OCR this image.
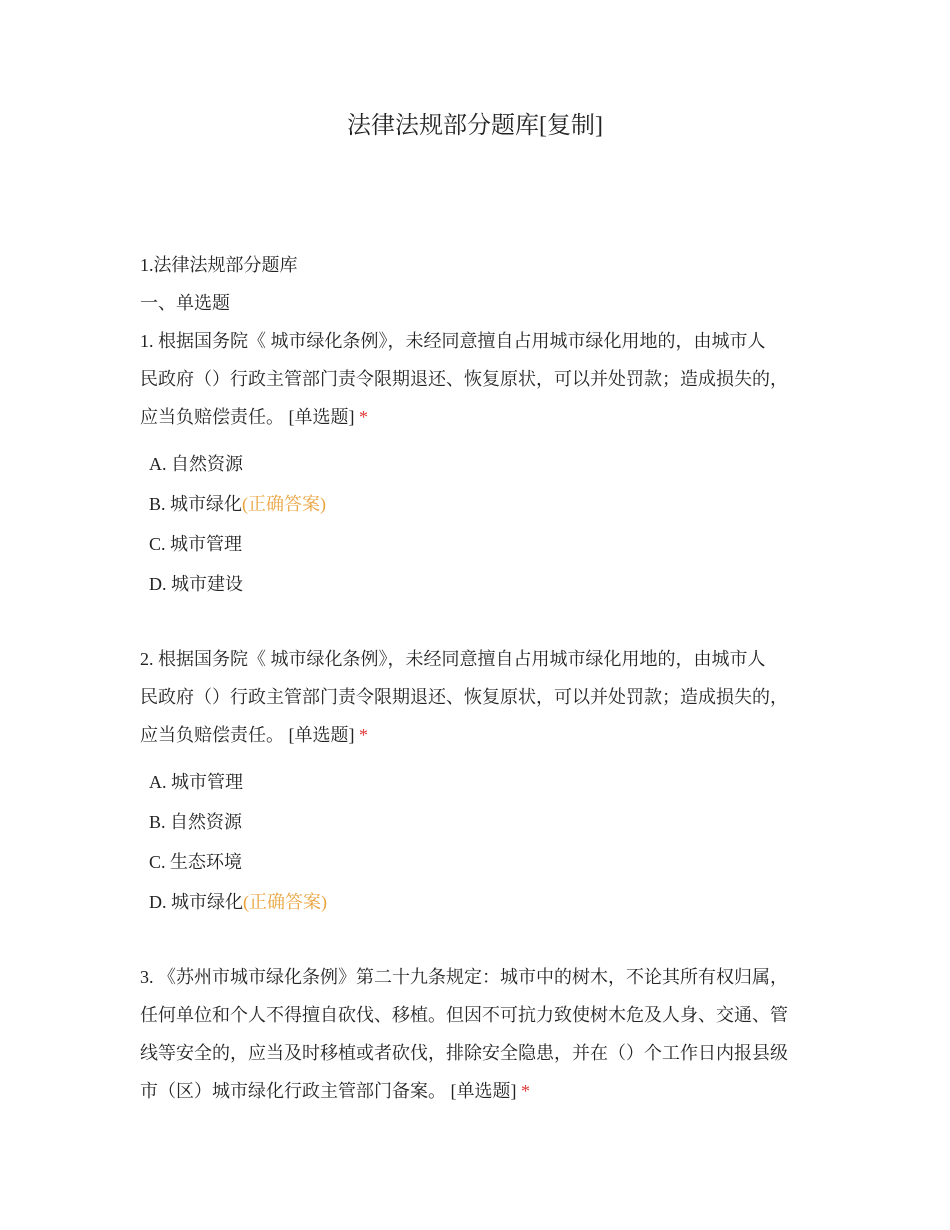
法律法规部分题库[复制]
1.法律法规部分题库
一、单选题
1. 根据国务院《 城市绿化条例》，未经同意擅自占用城市绿化用地的，由城市人
民政府（）行政主管部门责令限期退还、恢复原状，可以并处罚款；造成损失的，
应当负赔偿责任。 [单选题] *
A. 自然资源
B. 城市绿化(正确答案)
C. 城市管理
D. 城市建设
2. 根据国务院《 城市绿化条例》，未经同意擅自占用城市绿化用地的，由城市人
民政府（）行政主管部门责令限期退还、恢复原状，可以并处罚款；造成损失的，
应当负赔偿责任。 [单选题] *
A. 城市管理
B. 自然资源
C. 生态环境
D. 城市绿化(正确答案)
3. 《苏州市城市绿化条例》第二十九条规定：城市中的树木，不论其所有权归属，
任何单位和个人不得擅自砍伐、移植。但因不可抗力致使树木危及人身、交通、管
线等安全的，应当及时移植或者砍伐，排除安全隐患，并在（）个工作日内报县级
市（区）城市绿化行政主管部门备案。 [单选题] *
